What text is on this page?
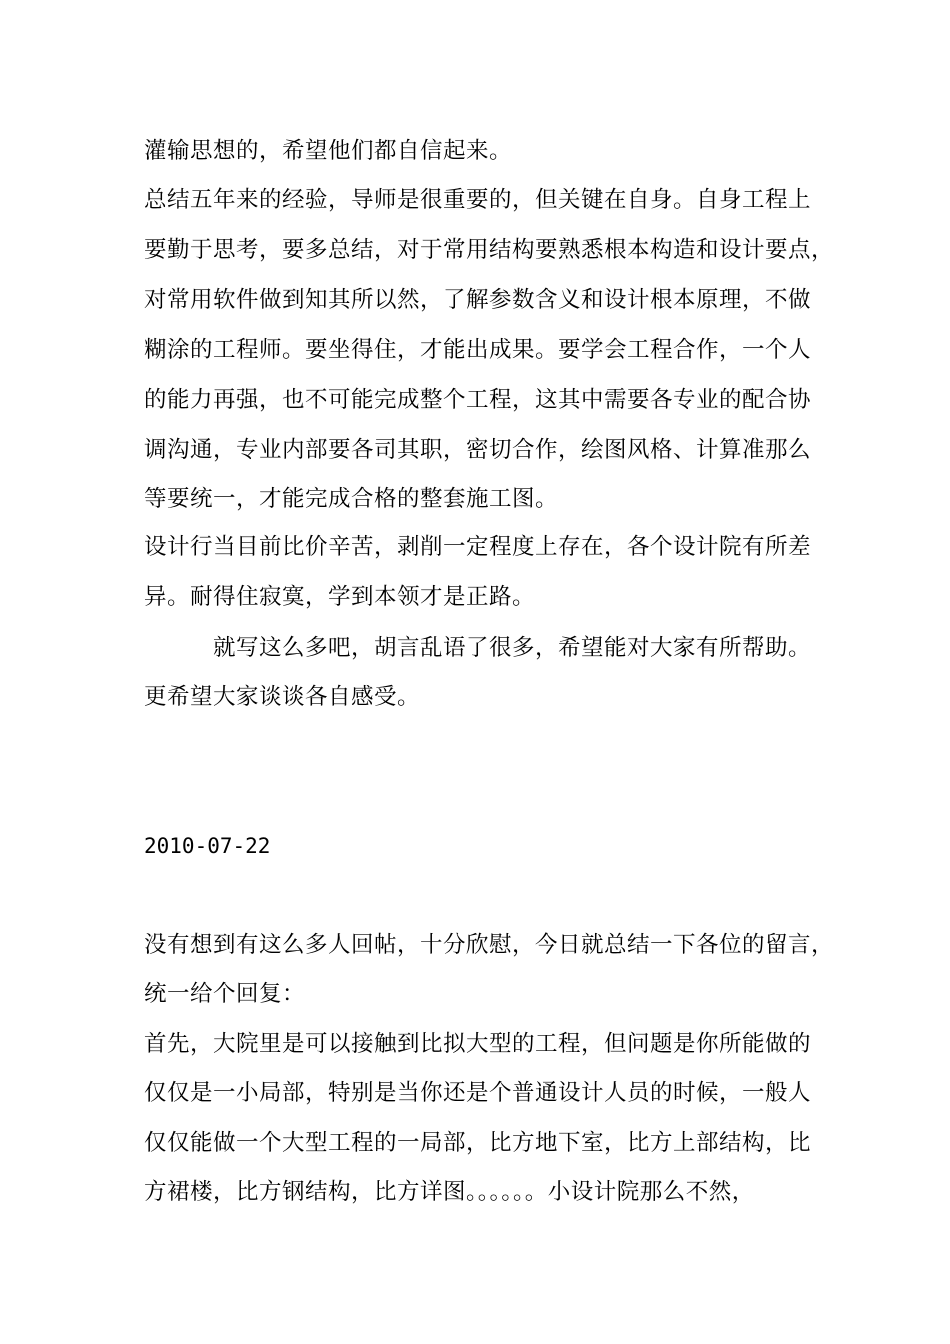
灌输思想的，希望他们都自信起来。
总结五年来的经验，导师是很重要的，但关键在自身。自身工程上
要勤于思考，要多总结，对于常用结构要熟悉根本构造和设计要点，
对常用软件做到知其所以然，了解参数含义和设计根本原理，不做
糊涂的工程师。要坐得住，才能出成果。要学会工程合作，一个人
的能力再强，也不可能完成整个工程，这其中需要各专业的配合协
调沟通，专业内部要各司其职，密切合作，绘图风格、计算准那么
等要统一，才能完成合格的整套施工图。
设计行当目前比价辛苦，剥削一定程度上存在，各个设计院有所差
异。耐得住寂寞，学到本领才是正路。
就写这么多吧，胡言乱语了很多，希望能对大家有所帮助。
更希望大家谈谈各自感受。
2010-07-22
没有想到有这么多人回帖，十分欣慰，今日就总结一下各位的留言，
统一给个回复：
首先，大院里是可以接触到比拟大型的工程，但问题是你所能做的
仅仅是一小局部，特别是当你还是个普通设计人员的时候，一般人
仅仅能做一个大型工程的一局部，比方地下室，比方上部结构，比
方裙楼，比方钢结构，比方详图。。。。。。小设计院那么不然，
